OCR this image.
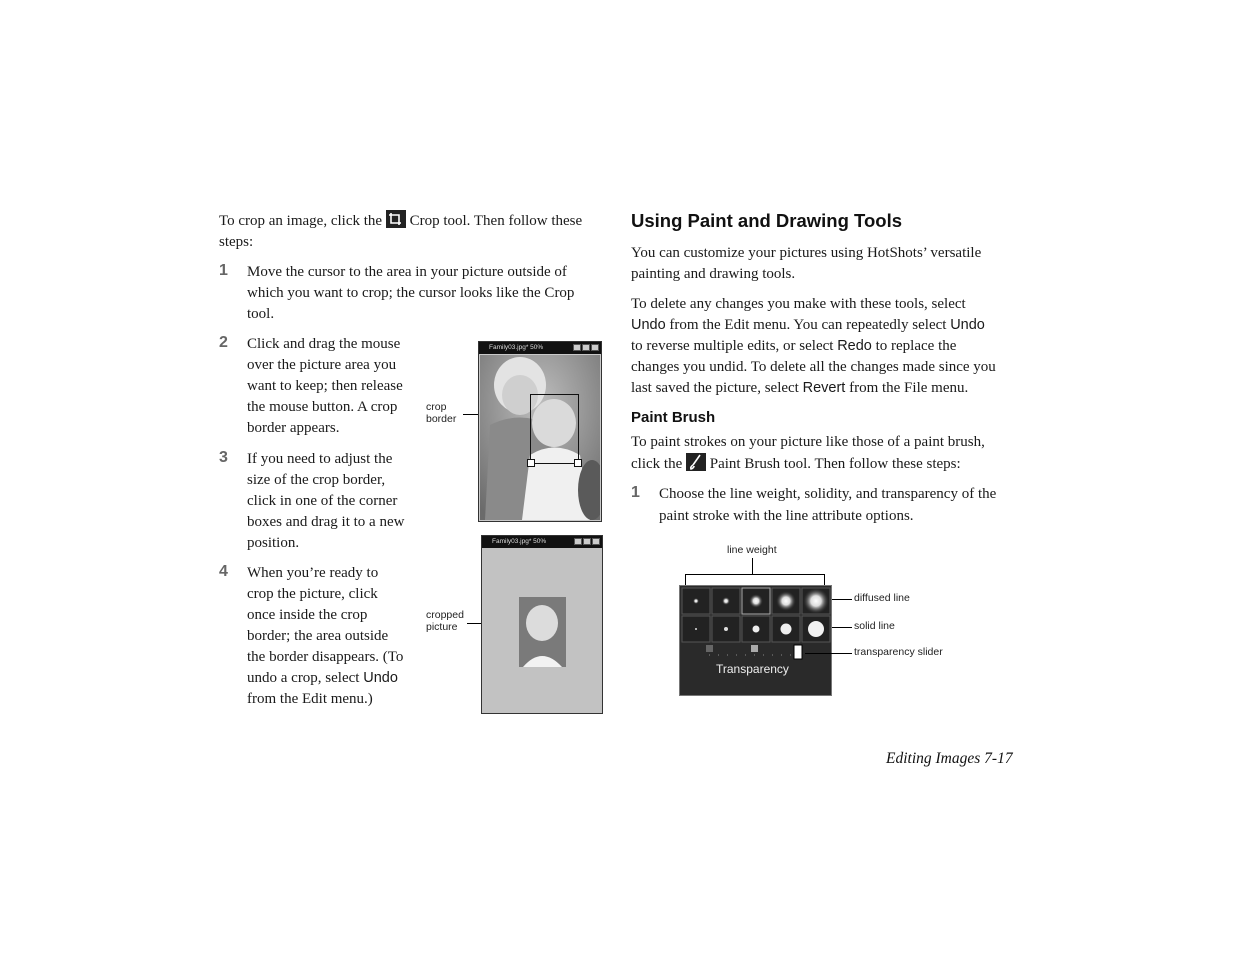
To crop an image, click the Crop tool. Then follow these
steps:
1 Move the cursor to the area in your picture outside of
which you want to crop; the cursor looks like the Crop
tool.
2 Click and drag the mouse
over the picture area you
want to keep; then release
the mouse button. A crop
border appears.
3 If you need to adjust the
size of the crop border,
click in one of the corner
boxes and drag it to a new
position.
4 When you’re ready to
crop the picture, click
once inside the crop
border; the area outside
the border disappears. (To
undo a crop, select Undo
from the Edit menu.)
crop
border
Family03.jpg* 50%
cropped
picture
Family03.jpg* 50%
Using Paint and Drawing Tools
You can customize your pictures using HotShots’ versatile
painting and drawing tools.
To delete any changes you make with these tools, select
Undo from the Edit menu. You can repeatedly select Undo
to reverse multiple edits, or select Redo to replace the
changes you undid. To delete all the changes made since you
last saved the picture, select Revert from the File menu.
Paint Brush
To paint strokes on your picture like those of a paint brush,
click the Paint Brush tool. Then follow these steps:
1 Choose the line weight, solidity, and transparency of the
paint stroke with the line attribute options.
line weight
Transparency
diffused line
solid line
transparency slider
Editing Images 7-17
